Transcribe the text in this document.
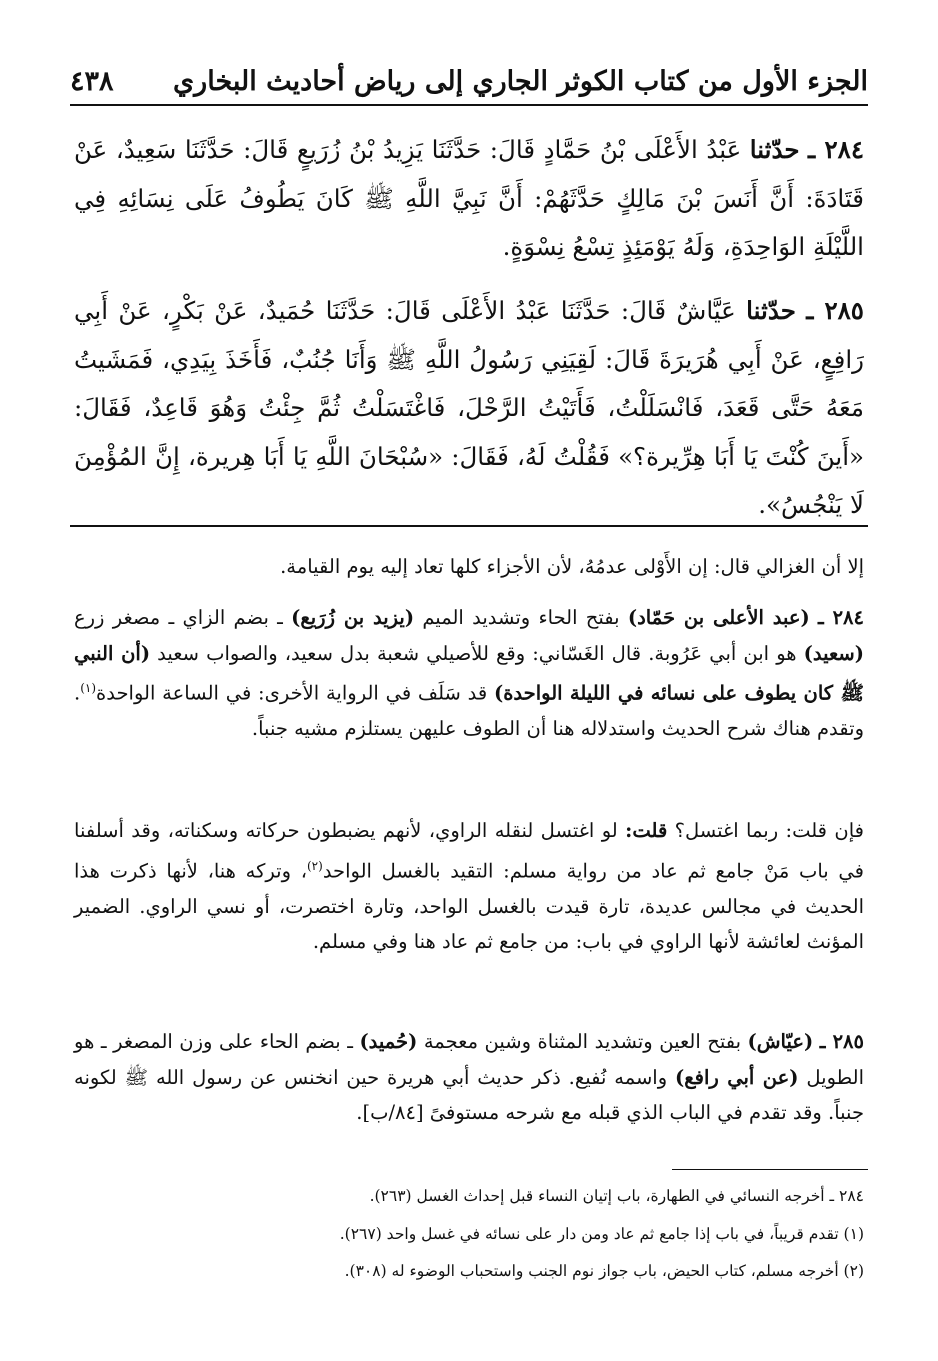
الجزء الأول من كتاب الكوثر الجاري إلى رياض أحاديث البخاري
٤٣٨

٢٨٤ ـ حدّثنا عَبْدُ الأَعْلَى بْنُ حَمَّادٍ قَالَ: حَدَّثَنَا يَزِيدُ بْنُ زُرَيعٍ قَالَ: حَدَّثَنَا سَعِيدٌ، عَنْ قَتَادَةَ: أَنَّ أَنَسَ بْنَ مَالِكٍ حَدَّثَهُمْ: أَنَّ نَبِيَّ اللَّهِ ﷺ كَانَ يَطُوفُ عَلَى نِسَائِهِ فِي اللَّيْلَةِ الوَاحِدَةِ، وَلَهُ يَوْمَئِذٍ تِسْعُ نِسْوَةٍ.

٢٨٥ ـ حدّثنا عَيَّاشٌ قَالَ: حَدَّثَنَا عَبْدُ الأَعْلَى قَالَ: حَدَّثَنَا حُمَيدٌ، عَنْ بَكْرٍ، عَنْ أَبِي رَافِعٍ، عَنْ أَبِي هُرَيرَةَ قَالَ: لَقِيَنِي رَسُولُ اللَّهِ ﷺ وَأَنَا جُنُبٌ، فَأَخَذَ بِيَدِي، فَمَشَيتُ مَعَهُ حَتَّى قَعَدَ، فَانْسَلَلْتُ، فَأَتَيْتُ الرَّحْلَ، فَاغْتَسَلْتُ ثُمَّ جِئْتُ وَهُوَ قَاعِدٌ، فَقَالَ: «أَينَ كُنْتَ يَا أَبَا هِرِّيرة؟» فَقُلْتُ لَهُ، فَقَالَ: «سُبْحَانَ اللَّهِ يَا أَبَا هِريرة، إِنَّ المُؤْمِنَ لَا يَنْجُسُ».

إلا أن الغزالي قال: إن الأَوْلى عدمُهُ، لأن الأجزاء كلها تعاد إليه يوم القيامة.

٢٨٤ ـ (عبد الأعلى بن حَمّاد) بفتح الحاء وتشديد الميم (يزيد بن زُرَيع) ـ بضم الزاي ـ مصغر زرع (سعيد) هو ابن أبي عَرُوبة. قال الغَسّاني: وقع للأصيلي شعبة بدل سعيد، والصواب سعيد (أن النبي ﷺ كان يطوف على نسائه في الليلة الواحدة) قد سَلَف في الرواية الأخرى: في الساعة الواحدة$^{(١)}$. وتقدم هناك شرح الحديث واستدلاله هنا أن الطوف عليهن يستلزم مشيه جنباً.

فإن قلت: ربما اغتسل؟ قلت: لو اغتسل لنقله الراوي، لأنهم يضبطون حركاته وسكناته، وقد أسلفنا في باب مَنْ جامع ثم عاد من رواية مسلم: التقيد بالغسل الواحد$^{(٢)}$، وتركه هنا، لأنها ذكرت هذا الحديث في مجالس عديدة، تارة قيدت بالغسل الواحد، وتارة اختصرت، أو نسي الراوي. الضمير المؤنث لعائشة لأنها الراوي في باب: من جامع ثم عاد هنا وفي مسلم.

٢٨٥ ـ (عيّاش) بفتح العين وتشديد المثناة وشين معجمة (حُميد) ـ بضم الحاء على وزن المصغر ـ هو الطويل (عن أبي رافع) واسمه نُفيع. ذكر حديث أبي هريرة حين انخنس عن رسول الله ﷺ لكونه جنباً. وقد تقدم في الباب الذي قبله مع شرحه مستوفىً [٨٤/ب].

٢٨٤ ـ أخرجه النسائي في الطهارة، باب إتيان النساء قبل إحداث الغسل (٢٦٣).

(١) تقدم قريباً، في باب إذا جامع ثم عاد ومن دار على نسائه في غسل واحد (٢٦٧).

(٢) أخرجه مسلم، كتاب الحيض، باب جواز نوم الجنب واستحباب الوضوء له (٣٠٨).
